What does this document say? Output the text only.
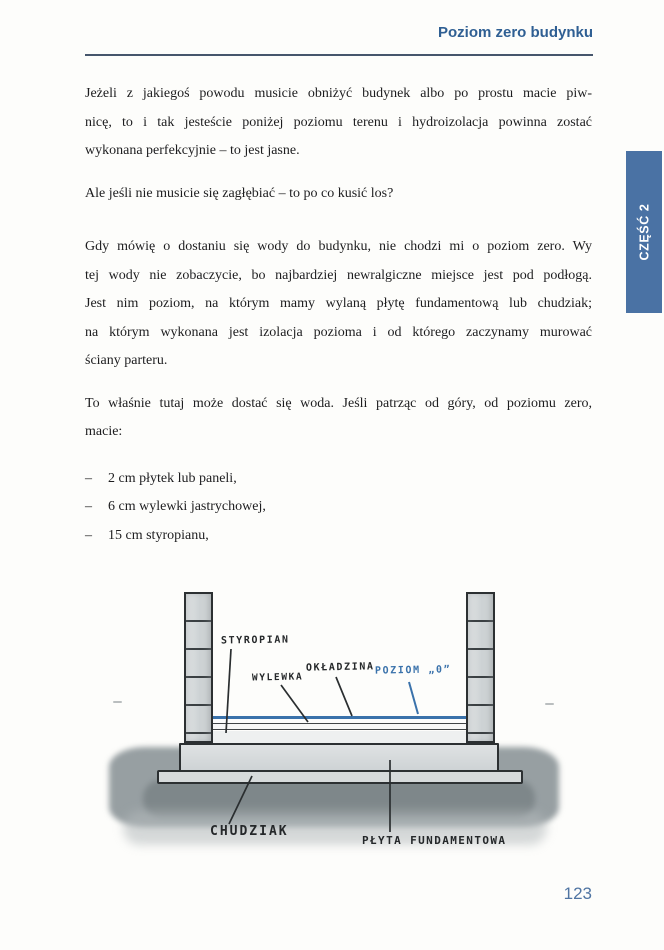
Poziom zero budynku
CZĘŚĆ 2

Jeżeli z jakiegoś powodu musicie obniżyć budynek albo po prostu macie piw-
nicę, to i tak jesteście poniżej poziomu terenu i hydroizolacja powinna zostać
wykonana perfekcyjnie – to jest jasne.

Ale jeśli nie musicie się zagłębiać – to po co kusić los?

Gdy mówię o dostaniu się wody do budynku, nie chodzi mi o poziom zero. Wy
tej wody nie zobaczycie, bo najbardziej newralgiczne miejsce jest pod podłogą.
Jest nim poziom, na którym mamy wylaną płytę fundamentową lub chudziak;
na którym wykonana jest izolacja pozioma i od którego zaczynamy murować
ściany parteru.

To właśnie tutaj może dostać się woda. Jeśli patrząc od góry, od poziomu zero,
macie:

–	2 cm płytek lub paneli,
–	6 cm wylewki jastrychowej,
–	15 cm styropianu,
STYROPIAN
WYLEWKA
OKŁADZINA POZIOM „0”
CHUDZIAK
PŁYTA FUNDAMENTOWA
123
